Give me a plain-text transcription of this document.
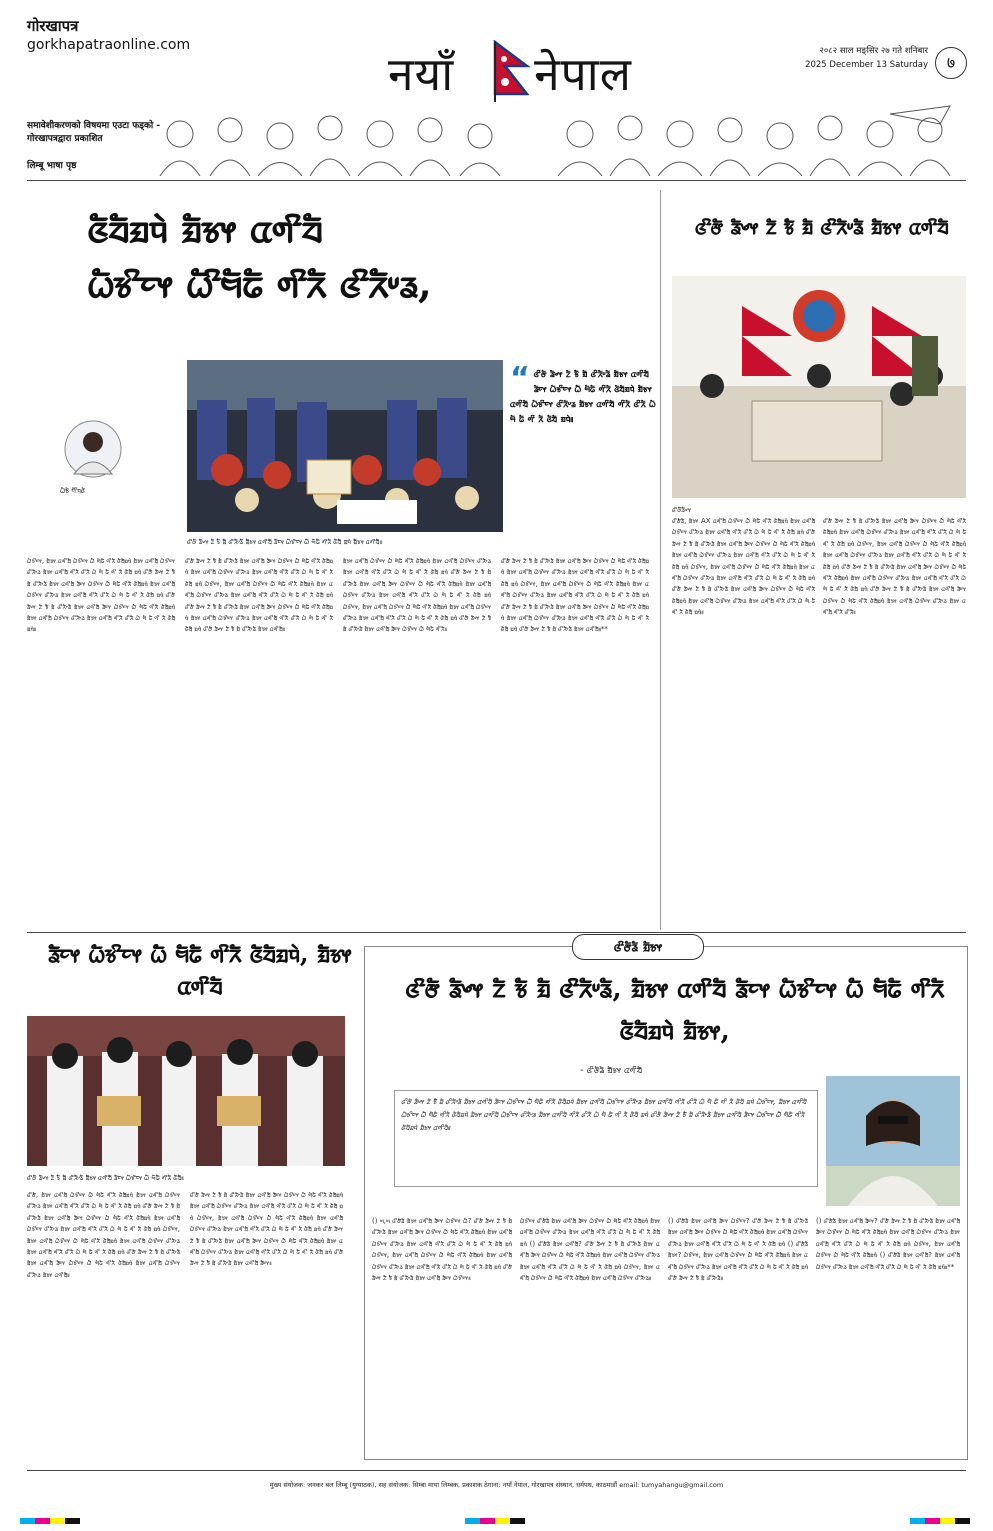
गोरखापत्र
gorkhapatraonline.com
समावेशीकरणको विषयमा एउटा फड्को - गोरखापत्रद्वारा प्रकाशित
लिम्बू भाषा पृष्ठ
नयाँ नेपाल	२०८२ साल मङ्सिर २७ गते शनिबार
2025 December 13 Saturday	७
ᤜᤠᤔᤠᤀᤄᤧ ᤀᤠᤃᤶ ᤂᤛᤡᤔᤠ
ᤐᤠᤃᤡᤰᤶ ᤐᤠᤡᤗᤠᤒᤠ ᤛᤡᤖᤠ ᤜᤡᤖᤠᤸᤕ,
ᤐᤠᤠᤃᤠ ᤗᤠᤡᤄᤜᤠ
ᤜᤡᤅᤠ ᤕᤠᤴᤶ ᤁᤠ ᤃᤠᤠ ᤀᤠ ᤜᤡᤖᤠᤸᤕᤠ ᤀᤠᤃᤶ ᤂᤛᤡᤔᤠ ᤕᤠᤰᤶ ᤐᤠᤃᤡᤰᤶ ᤐᤠᤠ ᤗᤠᤒᤠ ᤛᤡᤖᤠ ᤜᤠᤔᤠ ᤀᤄᤧ ᤀᤠᤃᤶ ᤂᤛᤡᤔᤠ॥
“ ᤜᤡᤅᤠ ᤕᤠᤴᤶ ᤁᤠ ᤃᤠᤠ ᤀᤠ ᤜᤡᤖᤠᤸᤕᤠ ᤀᤠᤃᤶ ᤂᤛᤡᤔᤠ ᤕᤠᤰᤶ ᤐᤠᤃᤡᤰᤶ ᤐᤠᤠ ᤗᤠᤒᤠ ᤛᤡᤖᤠ ᤜᤠᤔᤠᤀᤄᤧ ᤀᤠᤃᤶ ᤂᤛᤡᤔᤠ ᤐᤠᤃᤡᤰᤶ ᤜᤡᤖᤠᤸᤕ ᤀᤠᤃᤶ ᤂᤛᤡᤔᤠ ᤛᤡᤖᤠ ᤜᤡᤖᤠ ᤐᤠ ᤗᤠ ᤒᤠ ᤛᤡ ᤖᤠ ᤜᤠᤔᤠ ᤀᤄᤧ॥
ᤐᤠᤃᤡᤰᤶ, ᤀᤠᤃᤶ ᤂᤛᤡᤔᤠ ᤐᤠᤃᤡᤰᤶ ᤐᤠᤠ ᤗᤠᤒᤠ ᤛᤡᤖᤠ ᤜᤠᤔᤠᤀᤄᤧ ᤀᤠᤃᤶ ᤂᤛᤡᤔᤠ ᤐᤠᤃᤡᤰᤶ ᤜᤡᤖᤠᤸᤕ ᤀᤠᤃᤶ ᤂᤛᤡᤔᤠ ᤛᤡᤖᤠ ᤜᤡᤖᤠ ᤐᤠ ᤗᤠ ᤒᤠ ᤛᤡ ᤖᤠ ᤜᤠᤔᤠ ᤀᤄᤧ ᤜᤡᤅᤠ ᤕᤠᤴᤶ ᤁᤠ ᤃᤠᤠ ᤀᤠ ᤜᤡᤖᤠᤸᤕᤠ ᤀᤠᤃᤶ ᤂᤛᤡᤔᤠ ᤕᤠᤰᤶ ᤐᤠᤃᤡᤰᤶ ᤐᤠᤠ ᤗᤠᤒᤠ ᤛᤡᤖᤠ ᤜᤠᤔᤠᤀᤄᤧ ᤀᤠᤃᤶ ᤂᤛᤡᤔᤠ ᤐᤠᤃᤡᤰᤶ ᤜᤡᤖᤠᤸᤕ ᤀᤠᤃᤶ ᤂᤛᤡᤔᤠ ᤛᤡᤖᤠ ᤜᤡᤖᤠ ᤐᤠ ᤗᤠ ᤒᤠ ᤛᤡ ᤖᤠ ᤜᤠᤔᤠ ᤀᤄᤧ ᤜᤡᤅᤠ ᤕᤠᤴᤶ ᤁᤠ ᤃᤠᤠ ᤀᤠ ᤜᤡᤖᤠᤸᤕᤠ ᤀᤠᤃᤶ ᤂᤛᤡᤔᤠ ᤕᤠᤰᤶ ᤐᤠᤃᤡᤰᤶ ᤐᤠᤠ ᤗᤠᤒᤠ ᤛᤡᤖᤠ ᤜᤠᤔᤠᤀᤄᤧ ᤀᤠᤃᤶ ᤂᤛᤡᤔᤠ ᤐᤠᤃᤡᤰᤶ ᤜᤡᤖᤠᤸᤕ ᤀᤠᤃᤶ ᤂᤛᤡᤔᤠ ᤛᤡᤖᤠ ᤜᤡᤖᤠ ᤐᤠ ᤗᤠ ᤒᤠ ᤛᤡ ᤖᤠ ᤜᤠᤔᤠ ᤀᤄᤧ॥
ᤜᤡᤅᤠ ᤕᤠᤴᤶ ᤁᤠ ᤃᤠᤠ ᤀᤠ ᤜᤡᤖᤠᤸᤕᤠ ᤀᤠᤃᤶ ᤂᤛᤡᤔᤠ ᤕᤠᤰᤶ ᤐᤠᤃᤡᤰᤶ ᤐᤠᤠ ᤗᤠᤒᤠ ᤛᤡᤖᤠ ᤜᤠᤔᤠᤀᤄᤧ ᤀᤠᤃᤶ ᤂᤛᤡᤔᤠ ᤐᤠᤃᤡᤰᤶ ᤜᤡᤖᤠᤸᤕ ᤀᤠᤃᤶ ᤂᤛᤡᤔᤠ ᤛᤡᤖᤠ ᤜᤡᤖᤠ ᤐᤠ ᤗᤠ ᤒᤠ ᤛᤡ ᤖᤠ ᤜᤠᤔᤠ ᤀᤄᤧ ᤐᤠᤃᤡᤰᤶ, ᤀᤠᤃᤶ ᤂᤛᤡᤔᤠ ᤐᤠᤃᤡᤰᤶ ᤐᤠᤠ ᤗᤠᤒᤠ ᤛᤡᤖᤠ ᤜᤠᤔᤠᤀᤄᤧ ᤀᤠᤃᤶ ᤂᤛᤡᤔᤠ ᤐᤠᤃᤡᤰᤶ ᤜᤡᤖᤠᤸᤕ ᤀᤠᤃᤶ ᤂᤛᤡᤔᤠ ᤛᤡᤖᤠ ᤜᤡᤖᤠ ᤐᤠ ᤗᤠ ᤒᤠ ᤛᤡ ᤖᤠ ᤜᤠᤔᤠ ᤀᤄᤧ ᤜᤡᤅᤠ ᤕᤠᤴᤶ ᤁᤠ ᤃᤠᤠ ᤀᤠ ᤜᤡᤖᤠᤸᤕᤠ ᤀᤠᤃᤶ ᤂᤛᤡᤔᤠ ᤕᤠᤰᤶ ᤐᤠᤃᤡᤰᤶ ᤐᤠᤠ ᤗᤠᤒᤠ ᤛᤡᤖᤠ ᤜᤠᤔᤠᤀᤄᤧ ᤀᤠᤃᤶ ᤂᤛᤡᤔᤠ ᤐᤠᤃᤡᤰᤶ ᤜᤡᤖᤠᤸᤕ ᤀᤠᤃᤶ ᤂᤛᤡᤔᤠ ᤛᤡᤖᤠ ᤜᤡᤖᤠ ᤐᤠ ᤗᤠ ᤒᤠ ᤛᤡ ᤖᤠ ᤜᤠᤔᤠ ᤀᤄᤧ ᤜᤡᤅᤠ ᤕᤠᤴᤶ ᤁᤠ ᤃᤠᤠ ᤀᤠ ᤜᤡᤖᤠᤸᤕᤠ ᤀᤠᤃᤶ ᤂᤛᤡᤔᤠ॥
ᤀᤠᤃᤶ ᤂᤛᤡᤔᤠ ᤐᤠᤃᤡᤰᤶ ᤐᤠᤠ ᤗᤠᤒᤠ ᤛᤡᤖᤠ ᤜᤠᤔᤠᤀᤄᤧ ᤀᤠᤃᤶ ᤂᤛᤡᤔᤠ ᤐᤠᤃᤡᤰᤶ ᤜᤡᤖᤠᤸᤕ ᤀᤠᤃᤶ ᤂᤛᤡᤔᤠ ᤛᤡᤖᤠ ᤜᤡᤖᤠ ᤐᤠ ᤗᤠ ᤒᤠ ᤛᤡ ᤖᤠ ᤜᤠᤔᤠ ᤀᤄᤧ ᤜᤡᤅᤠ ᤕᤠᤴᤶ ᤁᤠ ᤃᤠᤠ ᤀᤠ ᤜᤡᤖᤠᤸᤕᤠ ᤀᤠᤃᤶ ᤂᤛᤡᤔᤠ ᤕᤠᤰᤶ ᤐᤠᤃᤡᤰᤶ ᤐᤠᤠ ᤗᤠᤒᤠ ᤛᤡᤖᤠ ᤜᤠᤔᤠᤀᤄᤧ ᤀᤠᤃᤶ ᤂᤛᤡᤔᤠ ᤐᤠᤃᤡᤰᤶ ᤜᤡᤖᤠᤸᤕ ᤀᤠᤃᤶ ᤂᤛᤡᤔᤠ ᤛᤡᤖᤠ ᤜᤡᤖᤠ ᤐᤠ ᤗᤠ ᤒᤠ ᤛᤡ ᤖᤠ ᤜᤠᤔᤠ ᤀᤄᤧ ᤐᤠᤃᤡᤰᤶ, ᤀᤠᤃᤶ ᤂᤛᤡᤔᤠ ᤐᤠᤃᤡᤰᤶ ᤐᤠᤠ ᤗᤠᤒᤠ ᤛᤡᤖᤠ ᤜᤠᤔᤠᤀᤄᤧ ᤀᤠᤃᤶ ᤂᤛᤡᤔᤠ ᤐᤠᤃᤡᤰᤶ ᤜᤡᤖᤠᤸᤕ ᤀᤠᤃᤶ ᤂᤛᤡᤔᤠ ᤛᤡᤖᤠ ᤜᤡᤖᤠ ᤐᤠ ᤗᤠ ᤒᤠ ᤛᤡ ᤖᤠ ᤜᤠᤔᤠ ᤀᤄᤧ ᤜᤡᤅᤠ ᤕᤠᤴᤶ ᤁᤠ ᤃᤠᤠ ᤀᤠ ᤜᤡᤖᤠᤸᤕᤠ ᤀᤠᤃᤶ ᤂᤛᤡᤔᤠ ᤕᤠᤰᤶ ᤐᤠᤃᤡᤰᤶ ᤐᤠᤠ ᤗᤠᤒᤠ ᤛᤡᤖᤠ॥
ᤜᤡᤅᤠ ᤕᤠᤴᤶ ᤁᤠ ᤃᤠᤠ ᤀᤠ ᤜᤡᤖᤠᤸᤕᤠ ᤀᤠᤃᤶ ᤂᤛᤡᤔᤠ ᤕᤠᤰᤶ ᤐᤠᤃᤡᤰᤶ ᤐᤠᤠ ᤗᤠᤒᤠ ᤛᤡᤖᤠ ᤜᤠᤔᤠᤀᤄᤧ ᤀᤠᤃᤶ ᤂᤛᤡᤔᤠ ᤐᤠᤃᤡᤰᤶ ᤜᤡᤖᤠᤸᤕ ᤀᤠᤃᤶ ᤂᤛᤡᤔᤠ ᤛᤡᤖᤠ ᤜᤡᤖᤠ ᤐᤠ ᤗᤠ ᤒᤠ ᤛᤡ ᤖᤠ ᤜᤠᤔᤠ ᤀᤄᤧ ᤐᤠᤃᤡᤰᤶ, ᤀᤠᤃᤶ ᤂᤛᤡᤔᤠ ᤐᤠᤃᤡᤰᤶ ᤐᤠᤠ ᤗᤠᤒᤠ ᤛᤡᤖᤠ ᤜᤠᤔᤠᤀᤄᤧ ᤀᤠᤃᤶ ᤂᤛᤡᤔᤠ ᤐᤠᤃᤡᤰᤶ ᤜᤡᤖᤠᤸᤕ ᤀᤠᤃᤶ ᤂᤛᤡᤔᤠ ᤛᤡᤖᤠ ᤜᤡᤖᤠ ᤐᤠ ᤗᤠ ᤒᤠ ᤛᤡ ᤖᤠ ᤜᤠᤔᤠ ᤀᤄᤧ ᤜᤡᤅᤠ ᤕᤠᤴᤶ ᤁᤠ ᤃᤠᤠ ᤀᤠ ᤜᤡᤖᤠᤸᤕᤠ ᤀᤠᤃᤶ ᤂᤛᤡᤔᤠ ᤕᤠᤰᤶ ᤐᤠᤃᤡᤰᤶ ᤐᤠᤠ ᤗᤠᤒᤠ ᤛᤡᤖᤠ ᤜᤠᤔᤠᤀᤄᤧ ᤀᤠᤃᤶ ᤂᤛᤡᤔᤠ ᤐᤠᤃᤡᤰᤶ ᤜᤡᤖᤠᤸᤕ ᤀᤠᤃᤶ ᤂᤛᤡᤔᤠ ᤛᤡᤖᤠ ᤜᤡᤖᤠ ᤐᤠ ᤗᤠ ᤒᤠ ᤛᤡ ᤖᤠ ᤜᤠᤔᤠ ᤀᤄᤧ ᤜᤡᤅᤠ ᤕᤠᤴᤶ ᤁᤠ ᤃᤠᤠ ᤀᤠ ᤜᤡᤖᤠᤸᤕᤠ ᤀᤠᤃᤶ ᤂᤛᤡᤔᤠ॥**
ᤜᤡᤅᤠ ᤕᤠᤴᤶ ᤁᤠ ᤃᤠᤠ ᤀᤠ ᤜᤡᤖᤠᤸᤕᤠ ᤀᤠᤃᤶ ᤂᤛᤡᤔᤠ
ᤜᤡᤅᤠᤕᤠᤴᤶ
ᤜᤡᤅᤠᤕᤠ, ᤀᤠᤃᤶ AX ᤂᤛᤡᤔᤠ ᤐᤠᤃᤡᤰᤶ ᤐᤠᤠ ᤗᤠᤒᤠ ᤛᤡᤖᤠ ᤜᤠᤔᤠᤀᤄᤧ ᤀᤠᤃᤶ ᤂᤛᤡᤔᤠ ᤐᤠᤃᤡᤰᤶ ᤜᤡᤖᤠᤸᤕ ᤀᤠᤃᤶ ᤂᤛᤡᤔᤠ ᤛᤡᤖᤠ ᤜᤡᤖᤠ ᤐᤠ ᤗᤠ ᤒᤠ ᤛᤡ ᤖᤠ ᤜᤠᤔᤠ ᤀᤄᤧ ᤜᤡᤅᤠ ᤕᤠᤴᤶ ᤁᤠ ᤃᤠᤠ ᤀᤠ ᤜᤡᤖᤠᤸᤕᤠ ᤀᤠᤃᤶ ᤂᤛᤡᤔᤠ ᤕᤠᤰᤶ ᤐᤠᤃᤡᤰᤶ ᤐᤠᤠ ᤗᤠᤒᤠ ᤛᤡᤖᤠ ᤜᤠᤔᤠᤀᤄᤧ ᤀᤠᤃᤶ ᤂᤛᤡᤔᤠ ᤐᤠᤃᤡᤰᤶ ᤜᤡᤖᤠᤸᤕ ᤀᤠᤃᤶ ᤂᤛᤡᤔᤠ ᤛᤡᤖᤠ ᤜᤡᤖᤠ ᤐᤠ ᤗᤠ ᤒᤠ ᤛᤡ ᤖᤠ ᤜᤠᤔᤠ ᤀᤄᤧ ᤐᤠᤃᤡᤰᤶ, ᤀᤠᤃᤶ ᤂᤛᤡᤔᤠ ᤐᤠᤃᤡᤰᤶ ᤐᤠᤠ ᤗᤠᤒᤠ ᤛᤡᤖᤠ ᤜᤠᤔᤠᤀᤄᤧ ᤀᤠᤃᤶ ᤂᤛᤡᤔᤠ ᤐᤠᤃᤡᤰᤶ ᤜᤡᤖᤠᤸᤕ ᤀᤠᤃᤶ ᤂᤛᤡᤔᤠ ᤛᤡᤖᤠ ᤜᤡᤖᤠ ᤐᤠ ᤗᤠ ᤒᤠ ᤛᤡ ᤖᤠ ᤜᤠᤔᤠ ᤀᤄᤧ ᤜᤡᤅᤠ ᤕᤠᤴᤶ ᤁᤠ ᤃᤠᤠ ᤀᤠ ᤜᤡᤖᤠᤸᤕᤠ ᤀᤠᤃᤶ ᤂᤛᤡᤔᤠ ᤕᤠᤰᤶ ᤐᤠᤃᤡᤰᤶ ᤐᤠᤠ ᤗᤠᤒᤠ ᤛᤡᤖᤠ ᤜᤠᤔᤠᤀᤄᤧ ᤀᤠᤃᤶ ᤂᤛᤡᤔᤠ ᤐᤠᤃᤡᤰᤶ ᤜᤡᤖᤠᤸᤕ ᤀᤠᤃᤶ ᤂᤛᤡᤔᤠ ᤛᤡᤖᤠ ᤜᤡᤖᤠ ᤐᤠ ᤗᤠ ᤒᤠ ᤛᤡ ᤖᤠ ᤜᤠᤔᤠ ᤀᤄᤧ॥
ᤜᤡᤅᤠ ᤕᤠᤴᤶ ᤁᤠ ᤃᤠᤠ ᤀᤠ ᤜᤡᤖᤠᤸᤕᤠ ᤀᤠᤃᤶ ᤂᤛᤡᤔᤠ ᤕᤠᤰᤶ ᤐᤠᤃᤡᤰᤶ ᤐᤠᤠ ᤗᤠᤒᤠ ᤛᤡᤖᤠ ᤜᤠᤔᤠᤀᤄᤧ ᤀᤠᤃᤶ ᤂᤛᤡᤔᤠ ᤐᤠᤃᤡᤰᤶ ᤜᤡᤖᤠᤸᤕ ᤀᤠᤃᤶ ᤂᤛᤡᤔᤠ ᤛᤡᤖᤠ ᤜᤡᤖᤠ ᤐᤠ ᤗᤠ ᤒᤠ ᤛᤡ ᤖᤠ ᤜᤠᤔᤠ ᤀᤄᤧ ᤐᤠᤃᤡᤰᤶ, ᤀᤠᤃᤶ ᤂᤛᤡᤔᤠ ᤐᤠᤃᤡᤰᤶ ᤐᤠᤠ ᤗᤠᤒᤠ ᤛᤡᤖᤠ ᤜᤠᤔᤠᤀᤄᤧ ᤀᤠᤃᤶ ᤂᤛᤡᤔᤠ ᤐᤠᤃᤡᤰᤶ ᤜᤡᤖᤠᤸᤕ ᤀᤠᤃᤶ ᤂᤛᤡᤔᤠ ᤛᤡᤖᤠ ᤜᤡᤖᤠ ᤐᤠ ᤗᤠ ᤒᤠ ᤛᤡ ᤖᤠ ᤜᤠᤔᤠ ᤀᤄᤧ ᤜᤡᤅᤠ ᤕᤠᤴᤶ ᤁᤠ ᤃᤠᤠ ᤀᤠ ᤜᤡᤖᤠᤸᤕᤠ ᤀᤠᤃᤶ ᤂᤛᤡᤔᤠ ᤕᤠᤰᤶ ᤐᤠᤃᤡᤰᤶ ᤐᤠᤠ ᤗᤠᤒᤠ ᤛᤡᤖᤠ ᤜᤠᤔᤠᤀᤄᤧ ᤀᤠᤃᤶ ᤂᤛᤡᤔᤠ ᤐᤠᤃᤡᤰᤶ ᤜᤡᤖᤠᤸᤕ ᤀᤠᤃᤶ ᤂᤛᤡᤔᤠ ᤛᤡᤖᤠ ᤜᤡᤖᤠ ᤐᤠ ᤗᤠ ᤒᤠ ᤛᤡ ᤖᤠ ᤜᤠᤔᤠ ᤀᤄᤧ ᤜᤡᤅᤠ ᤕᤠᤴᤶ ᤁᤠ ᤃᤠᤠ ᤀᤠ ᤜᤡᤖᤠᤸᤕᤠ ᤀᤠᤃᤶ ᤂᤛᤡᤔᤠ ᤕᤠᤰᤶ ᤐᤠᤃᤡᤰᤶ ᤐᤠᤠ ᤗᤠᤒᤠ ᤛᤡᤖᤠ ᤜᤠᤔᤠᤀᤄᤧ ᤀᤠᤃᤶ ᤂᤛᤡᤔᤠ ᤐᤠᤃᤡᤰᤶ ᤜᤡᤖᤠᤸᤕ ᤀᤠᤃᤶ ᤂᤛᤡᤔᤠ ᤛᤡᤖᤠ ᤜᤡᤖᤠ॥
ᤕᤠᤰᤶ ᤐᤠᤃᤡᤰᤶ ᤐᤠᤠ ᤗᤠᤒᤠ ᤛᤡᤖᤠ ᤜᤠᤔᤠᤀᤄᤧ, ᤀᤠᤃᤶ ᤂᤛᤡᤔᤠ
ᤜᤡᤅᤠ ᤕᤠᤴᤶ ᤁᤠ ᤃᤠᤠ ᤀᤠ ᤜᤡᤖᤠᤸᤕᤠ ᤀᤠᤃᤶ ᤂᤛᤡᤔᤠ ᤕᤠᤰᤶ ᤐᤠᤃᤡᤰᤶ ᤐᤠᤠ ᤗᤠᤒᤠ ᤛᤡᤖᤠ ᤜᤠᤔᤠ॥
ᤜᤡᤅᤠ, ᤀᤠᤃᤶ ᤂᤛᤡᤔᤠ ᤐᤠᤃᤡᤰᤶ ᤐᤠᤠ ᤗᤠᤒᤠ ᤛᤡᤖᤠ ᤜᤠᤔᤠᤀᤄᤧ ᤀᤠᤃᤶ ᤂᤛᤡᤔᤠ ᤐᤠᤃᤡᤰᤶ ᤜᤡᤖᤠᤸᤕ ᤀᤠᤃᤶ ᤂᤛᤡᤔᤠ ᤛᤡᤖᤠ ᤜᤡᤖᤠ ᤐᤠ ᤗᤠ ᤒᤠ ᤛᤡ ᤖᤠ ᤜᤠᤔᤠ ᤀᤄᤧ ᤜᤡᤅᤠ ᤕᤠᤴᤶ ᤁᤠ ᤃᤠᤠ ᤀᤠ ᤜᤡᤖᤠᤸᤕᤠ ᤀᤠᤃᤶ ᤂᤛᤡᤔᤠ ᤕᤠᤰᤶ ᤐᤠᤃᤡᤰᤶ ᤐᤠᤠ ᤗᤠᤒᤠ ᤛᤡᤖᤠ ᤜᤠᤔᤠᤀᤄᤧ ᤀᤠᤃᤶ ᤂᤛᤡᤔᤠ ᤐᤠᤃᤡᤰᤶ ᤜᤡᤖᤠᤸᤕ ᤀᤠᤃᤶ ᤂᤛᤡᤔᤠ ᤛᤡᤖᤠ ᤜᤡᤖᤠ ᤐᤠ ᤗᤠ ᤒᤠ ᤛᤡ ᤖᤠ ᤜᤠᤔᤠ ᤀᤄᤧ ᤐᤠᤃᤡᤰᤶ, ᤀᤠᤃᤶ ᤂᤛᤡᤔᤠ ᤐᤠᤃᤡᤰᤶ ᤐᤠᤠ ᤗᤠᤒᤠ ᤛᤡᤖᤠ ᤜᤠᤔᤠᤀᤄᤧ ᤀᤠᤃᤶ ᤂᤛᤡᤔᤠ ᤐᤠᤃᤡᤰᤶ ᤜᤡᤖᤠᤸᤕ ᤀᤠᤃᤶ ᤂᤛᤡᤔᤠ ᤛᤡᤖᤠ ᤜᤡᤖᤠ ᤐᤠ ᤗᤠ ᤒᤠ ᤛᤡ ᤖᤠ ᤜᤠᤔᤠ ᤀᤄᤧ ᤜᤡᤅᤠ ᤕᤠᤴᤶ ᤁᤠ ᤃᤠᤠ ᤀᤠ ᤜᤡᤖᤠᤸᤕᤠ ᤀᤠᤃᤶ ᤂᤛᤡᤔᤠ ᤕᤠᤰᤶ ᤐᤠᤃᤡᤰᤶ ᤐᤠᤠ ᤗᤠᤒᤠ ᤛᤡᤖᤠ ᤜᤠᤔᤠᤀᤄᤧ ᤀᤠᤃᤶ ᤂᤛᤡᤔᤠ ᤐᤠᤃᤡᤰᤶ ᤜᤡᤖᤠᤸᤕ ᤀᤠᤃᤶ ᤂᤛᤡᤔᤠ॥
ᤜᤡᤅᤠ ᤕᤠᤴᤶ ᤁᤠ ᤃᤠᤠ ᤀᤠ ᤜᤡᤖᤠᤸᤕᤠ ᤀᤠᤃᤶ ᤂᤛᤡᤔᤠ ᤕᤠᤰᤶ ᤐᤠᤃᤡᤰᤶ ᤐᤠᤠ ᤗᤠᤒᤠ ᤛᤡᤖᤠ ᤜᤠᤔᤠᤀᤄᤧ ᤀᤠᤃᤶ ᤂᤛᤡᤔᤠ ᤐᤠᤃᤡᤰᤶ ᤜᤡᤖᤠᤸᤕ ᤀᤠᤃᤶ ᤂᤛᤡᤔᤠ ᤛᤡᤖᤠ ᤜᤡᤖᤠ ᤐᤠ ᤗᤠ ᤒᤠ ᤛᤡ ᤖᤠ ᤜᤠᤔᤠ ᤀᤄᤧ ᤐᤠᤃᤡᤰᤶ, ᤀᤠᤃᤶ ᤂᤛᤡᤔᤠ ᤐᤠᤃᤡᤰᤶ ᤐᤠᤠ ᤗᤠᤒᤠ ᤛᤡᤖᤠ ᤜᤠᤔᤠᤀᤄᤧ ᤀᤠᤃᤶ ᤂᤛᤡᤔᤠ ᤐᤠᤃᤡᤰᤶ ᤜᤡᤖᤠᤸᤕ ᤀᤠᤃᤶ ᤂᤛᤡᤔᤠ ᤛᤡᤖᤠ ᤜᤡᤖᤠ ᤐᤠ ᤗᤠ ᤒᤠ ᤛᤡ ᤖᤠ ᤜᤠᤔᤠ ᤀᤄᤧ ᤜᤡᤅᤠ ᤕᤠᤴᤶ ᤁᤠ ᤃᤠᤠ ᤀᤠ ᤜᤡᤖᤠᤸᤕᤠ ᤀᤠᤃᤶ ᤂᤛᤡᤔᤠ ᤕᤠᤰᤶ ᤐᤠᤃᤡᤰᤶ ᤐᤠᤠ ᤗᤠᤒᤠ ᤛᤡᤖᤠ ᤜᤠᤔᤠᤀᤄᤧ ᤀᤠᤃᤶ ᤂᤛᤡᤔᤠ ᤐᤠᤃᤡᤰᤶ ᤜᤡᤖᤠᤸᤕ ᤀᤠᤃᤶ ᤂᤛᤡᤔᤠ ᤛᤡᤖᤠ ᤜᤡᤖᤠ ᤐᤠ ᤗᤠ ᤒᤠ ᤛᤡ ᤖᤠ ᤜᤠᤔᤠ ᤀᤄᤧ ᤜᤡᤅᤠ ᤕᤠᤴᤶ ᤁᤠ ᤃᤠᤠ ᤀᤠ ᤜᤡᤖᤠᤸᤕᤠ ᤀᤠᤃᤶ ᤂᤛᤡᤔᤠ ᤕᤠᤰᤶ॥
ᤜᤡᤅᤠᤕᤠ ᤀᤠᤃᤶ
ᤜᤡᤅᤠ ᤕᤠᤴᤶ ᤁᤠ ᤃᤠᤠ ᤀᤠ ᤜᤡᤖᤠᤸᤕᤠ, ᤀᤠᤃᤶ ᤂᤛᤡᤔᤠ ᤕᤠᤰᤶ ᤐᤠᤃᤡᤰᤶ ᤐᤠᤠ ᤗᤠᤒᤠ ᤛᤡᤖᤠ ᤜᤠᤔᤠᤀᤄᤧ ᤀᤠᤃᤶ,
- ᤜᤡᤅᤠᤕᤠ ᤀᤠᤃᤶ ᤂᤛᤡᤔᤠ
ᤜᤡᤅᤠ ᤕᤠᤴᤶ ᤁᤠ ᤃᤠᤠ ᤀᤠ ᤜᤡᤖᤠᤸᤕᤠ ᤀᤠᤃᤶ ᤂᤛᤡᤔᤠ ᤕᤠᤰᤶ ᤐᤠᤃᤡᤰᤶ ᤐᤠᤠ ᤗᤠᤒᤠ ᤛᤡᤖᤠ ᤜᤠᤔᤠᤀᤄᤧ ᤀᤠᤃᤶ ᤂᤛᤡᤔᤠ ᤐᤠᤃᤡᤰᤶ ᤜᤡᤖᤠᤸᤕ ᤀᤠᤃᤶ ᤂᤛᤡᤔᤠ ᤛᤡᤖᤠ ᤜᤡᤖᤠ ᤐᤠ ᤗᤠ ᤒᤠ ᤛᤡ ᤖᤠ ᤜᤠᤔᤠ ᤀᤄᤧ ᤐᤠᤃᤡᤰᤶ, ᤀᤠᤃᤶ ᤂᤛᤡᤔᤠ ᤐᤠᤃᤡᤰᤶ ᤐᤠᤠ ᤗᤠᤒᤠ ᤛᤡᤖᤠ ᤜᤠᤔᤠᤀᤄᤧ ᤀᤠᤃᤶ ᤂᤛᤡᤔᤠ ᤐᤠᤃᤡᤰᤶ ᤜᤡᤖᤠᤸᤕ ᤀᤠᤃᤶ ᤂᤛᤡᤔᤠ ᤛᤡᤖᤠ ᤜᤡᤖᤠ ᤐᤠ ᤗᤠ ᤒᤠ ᤛᤡ ᤖᤠ ᤜᤠᤔᤠ ᤀᤄᤧ ᤜᤡᤅᤠ ᤕᤠᤴᤶ ᤁᤠ ᤃᤠᤠ ᤀᤠ ᤜᤡᤖᤠᤸᤕᤠ ᤀᤠᤃᤶ ᤂᤛᤡᤔᤠ ᤕᤠᤰᤶ ᤐᤠᤃᤡᤰᤶ ᤐᤠᤠ ᤗᤠᤒᤠ ᤛᤡᤖᤠ ᤜᤠᤔᤠᤀᤄᤧ ᤀᤠᤃᤶ ᤂᤛᤡᤔᤠ॥
() ᤗ,ᤗ ᤜᤡᤅᤠᤕᤠ ᤀᤠᤃᤶ ᤂᤛᤡᤔᤠ ᤕᤠᤰᤶ ᤐᤠᤃᤡᤰᤶ ᤐᤠᤠ? ᤜᤡᤅᤠ ᤕᤠᤴᤶ ᤁᤠ ᤃᤠᤠ ᤀᤠ ᤜᤡᤖᤠᤸᤕᤠ ᤀᤠᤃᤶ ᤂᤛᤡᤔᤠ ᤕᤠᤰᤶ ᤐᤠᤃᤡᤰᤶ ᤐᤠᤠ ᤗᤠᤒᤠ ᤛᤡᤖᤠ ᤜᤠᤔᤠᤀᤄᤧ ᤀᤠᤃᤶ ᤂᤛᤡᤔᤠ ᤐᤠᤃᤡᤰᤶ ᤜᤡᤖᤠᤸᤕ ᤀᤠᤃᤶ ᤂᤛᤡᤔᤠ ᤛᤡᤖᤠ ᤜᤡᤖᤠ ᤐᤠ ᤗᤠ ᤒᤠ ᤛᤡ ᤖᤠ ᤜᤠᤔᤠ ᤀᤄᤧ ᤐᤠᤃᤡᤰᤶ, ᤀᤠᤃᤶ ᤂᤛᤡᤔᤠ ᤐᤠᤃᤡᤰᤶ ᤐᤠᤠ ᤗᤠᤒᤠ ᤛᤡᤖᤠ ᤜᤠᤔᤠᤀᤄᤧ ᤀᤠᤃᤶ ᤂᤛᤡᤔᤠ ᤐᤠᤃᤡᤰᤶ ᤜᤡᤖᤠᤸᤕ ᤀᤠᤃᤶ ᤂᤛᤡᤔᤠ ᤛᤡᤖᤠ ᤜᤡᤖᤠ ᤐᤠ ᤗᤠ ᤒᤠ ᤛᤡ ᤖᤠ ᤜᤠᤔᤠ ᤀᤄᤧ ᤜᤡᤅᤠ ᤕᤠᤴᤶ ᤁᤠ ᤃᤠᤠ ᤀᤠ ᤜᤡᤖᤠᤸᤕᤠ ᤀᤠᤃᤶ ᤂᤛᤡᤔᤠ ᤕᤠᤰᤶ ᤐᤠᤃᤡᤰᤶ॥
ᤐᤠᤃᤡᤰᤶ ᤜᤡᤅᤠᤕᤠ ᤀᤠᤃᤶ ᤂᤛᤡᤔᤠ ᤕᤠᤰᤶ ᤐᤠᤃᤡᤰᤶ ᤐᤠᤠ ᤗᤠᤒᤠ ᤛᤡᤖᤠ ᤜᤠᤔᤠᤀᤄᤧ ᤀᤠᤃᤶ ᤂᤛᤡᤔᤠ ᤐᤠᤃᤡᤰᤶ ᤜᤡᤖᤠᤸᤕ ᤀᤠᤃᤶ ᤂᤛᤡᤔᤠ ᤛᤡᤖᤠ ᤜᤡᤖᤠ ᤐᤠ ᤗᤠ ᤒᤠ ᤛᤡ ᤖᤠ ᤜᤠᤔᤠ ᤀᤄᤧ () ᤜᤡᤅᤠᤕᤠ ᤀᤠᤃᤶ ᤂᤛᤡᤔᤠ? ᤜᤡᤅᤠ ᤕᤠᤴᤶ ᤁᤠ ᤃᤠᤠ ᤀᤠ ᤜᤡᤖᤠᤸᤕᤠ ᤀᤠᤃᤶ ᤂᤛᤡᤔᤠ ᤕᤠᤰᤶ ᤐᤠᤃᤡᤰᤶ ᤐᤠᤠ ᤗᤠᤒᤠ ᤛᤡᤖᤠ ᤜᤠᤔᤠᤀᤄᤧ ᤀᤠᤃᤶ ᤂᤛᤡᤔᤠ ᤐᤠᤃᤡᤰᤶ ᤜᤡᤖᤠᤸᤕ ᤀᤠᤃᤶ ᤂᤛᤡᤔᤠ ᤛᤡᤖᤠ ᤜᤡᤖᤠ ᤐᤠ ᤗᤠ ᤒᤠ ᤛᤡ ᤖᤠ ᤜᤠᤔᤠ ᤀᤄᤧ ᤐᤠᤃᤡᤰᤶ, ᤀᤠᤃᤶ ᤂᤛᤡᤔᤠ ᤐᤠᤃᤡᤰᤶ ᤐᤠᤠ ᤗᤠᤒᤠ ᤛᤡᤖᤠ ᤜᤠᤔᤠᤀᤄᤧ ᤀᤠᤃᤶ ᤂᤛᤡᤔᤠ ᤐᤠᤃᤡᤰᤶ ᤜᤡᤖᤠᤸᤕ॥
() ᤜᤡᤅᤠᤕᤠ ᤀᤠᤃᤶ ᤂᤛᤡᤔᤠ ᤕᤠᤰᤶ ᤐᤠᤃᤡᤰᤶ? ᤜᤡᤅᤠ ᤕᤠᤴᤶ ᤁᤠ ᤃᤠᤠ ᤀᤠ ᤜᤡᤖᤠᤸᤕᤠ ᤀᤠᤃᤶ ᤂᤛᤡᤔᤠ ᤕᤠᤰᤶ ᤐᤠᤃᤡᤰᤶ ᤐᤠᤠ ᤗᤠᤒᤠ ᤛᤡᤖᤠ ᤜᤠᤔᤠᤀᤄᤧ ᤀᤠᤃᤶ ᤂᤛᤡᤔᤠ ᤐᤠᤃᤡᤰᤶ ᤜᤡᤖᤠᤸᤕ ᤀᤠᤃᤶ ᤂᤛᤡᤔᤠ ᤛᤡᤖᤠ ᤜᤡᤖᤠ ᤐᤠ ᤗᤠ ᤒᤠ ᤛᤡ ᤖᤠ ᤜᤠᤔᤠ ᤀᤄᤧ () ᤜᤡᤅᤠᤕᤠ ᤀᤠᤃᤶ? ᤐᤠᤃᤡᤰᤶ, ᤀᤠᤃᤶ ᤂᤛᤡᤔᤠ ᤐᤠᤃᤡᤰᤶ ᤐᤠᤠ ᤗᤠᤒᤠ ᤛᤡᤖᤠ ᤜᤠᤔᤠᤀᤄᤧ ᤀᤠᤃᤶ ᤂᤛᤡᤔᤠ ᤐᤠᤃᤡᤰᤶ ᤜᤡᤖᤠᤸᤕ ᤀᤠᤃᤶ ᤂᤛᤡᤔᤠ ᤛᤡᤖᤠ ᤜᤡᤖᤠ ᤐᤠ ᤗᤠ ᤒᤠ ᤛᤡ ᤖᤠ ᤜᤠᤔᤠ ᤀᤄᤧ ᤜᤡᤅᤠ ᤕᤠᤴᤶ ᤁᤠ ᤃᤠᤠ ᤀᤠ ᤜᤡᤖᤠᤸᤕᤠ॥
() ᤜᤡᤅᤠᤕᤠ ᤀᤠᤃᤶ ᤂᤛᤡᤔᤠ ᤕᤠᤰᤶ? ᤜᤡᤅᤠ ᤕᤠᤴᤶ ᤁᤠ ᤃᤠᤠ ᤀᤠ ᤜᤡᤖᤠᤸᤕᤠ ᤀᤠᤃᤶ ᤂᤛᤡᤔᤠ ᤕᤠᤰᤶ ᤐᤠᤃᤡᤰᤶ ᤐᤠᤠ ᤗᤠᤒᤠ ᤛᤡᤖᤠ ᤜᤠᤔᤠᤀᤄᤧ ᤀᤠᤃᤶ ᤂᤛᤡᤔᤠ ᤐᤠᤃᤡᤰᤶ ᤜᤡᤖᤠᤸᤕ ᤀᤠᤃᤶ ᤂᤛᤡᤔᤠ ᤛᤡᤖᤠ ᤜᤡᤖᤠ ᤐᤠ ᤗᤠ ᤒᤠ ᤛᤡ ᤖᤠ ᤜᤠᤔᤠ ᤀᤄᤧ ᤐᤠᤃᤡᤰᤶ, ᤀᤠᤃᤶ ᤂᤛᤡᤔᤠ ᤐᤠᤃᤡᤰᤶ ᤐᤠᤠ ᤗᤠᤒᤠ ᤛᤡᤖᤠ ᤜᤠᤔᤠᤀᤄᤧ () ᤜᤡᤅᤠᤕᤠ ᤀᤠᤃᤶ ᤂᤛᤡᤔᤠ? ᤀᤠᤃᤶ ᤂᤛᤡᤔᤠ ᤐᤠᤃᤡᤰᤶ ᤜᤡᤖᤠᤸᤕ ᤀᤠᤃᤶ ᤂᤛᤡᤔᤠ ᤛᤡᤖᤠ ᤜᤡᤖᤠ ᤐᤠ ᤗᤠ ᤒᤠ ᤛᤡ ᤖᤠ ᤜᤠᤔᤠ ᤀᤄᤧ॥**
मुख्य संयोजक: जनकर बल लिम्बू (युग्याठक), सह संयोजक: सिम्बा माया लिम्बक, प्रकाशक ठेगाना: नयाँ नेपाल, गोरखापत्र संस्थान, धर्मपथ, काठमाडौं email: tumyahangu@gmail.com
